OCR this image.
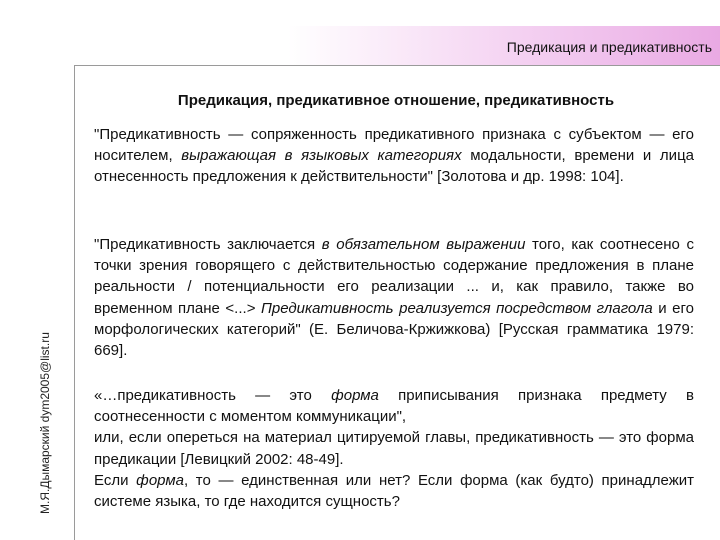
Предикация и предикативность
М.Я.Дымарский dym2005@list.ru
Предикация, предикативное отношение, предикативность

"Предикативность — сопряженность предикативного признака с субъектом — его носителем, выражающая в языковых категориях модальности, времени и лица отнесенность предложения к действительности" [Золотова и др. 1998: 104].

"Предикативность заключается в обязательном выражении того, как соотнесено с точки зрения говорящего с действительностью содержание предложения в плане реальности / потенциальности его реализации ... и, как правило, также во временном плане <...> Предикативность реализуется посредством глагола и его морфологических категорий" (Е. Беличова-Кржижкова) [Русская грамматика 1979: 669].

«…предикативность — это форма приписывания признака предмету в соотнесенности с моментом коммуникации",
или, если опереться на материал цитируемой главы, предикативность — это форма предикации [Левицкий 2002: 48-49].
Если форма, то — единственная или нет? Если форма (как будто) принадлежит системе языка, то где находится сущность?
